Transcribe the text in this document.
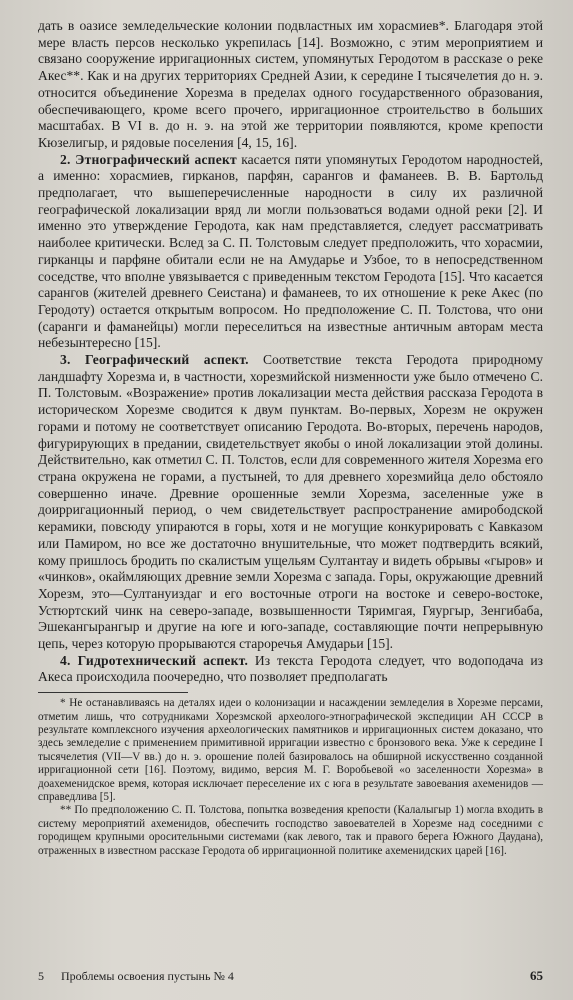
дать в оазисе земледельческие колонии подвластных им хорасмиев*. Благодаря этой мере власть персов несколько укрепилась [14]. Возможно, с этим мероприятием и связано сооружение ирригационных систем, упомянутых Геродотом в рассказе о реке Акес**. Как и на других территориях Средней Азии, к середине I тысячелетия до н. э. относится объединение Хорезма в пределах одного государственного образования, обеспечивающего, кроме всего прочего, ирригационное строительство в больших масштабах. В VI в. до н. э. на этой же территории появляются, кроме крепости Кюзелигыр, и рядовые поселения [4, 15, 16].

2. Этнографический аспект касается пяти упомянутых Геродотом народностей, а именно: хорасмиев, гирканов, парфян, сарангов и фаманеев. В. В. Бартольд предполагает, что вышеперечисленные народности в силу их различной географической локализации вряд ли могли пользоваться водами одной реки [2]. И именно это утверждение Геродота, как нам представляется, следует рассматривать наиболее критически. Вслед за С. П. Толстовым следует предположить, что хорасмии, гирканцы и парфяне обитали если не на Амударье и Узбое, то в непосредственном соседстве, что вполне увязывается с приведенным текстом Геродота [15]. Что касается сарангов (жителей древнего Сеистана) и фаманеев, то их отношение к реке Акес (по Геродоту) остается открытым вопросом. Но предположение С. П. Толстова, что они (саранги и фаманейцы) могли переселиться на известные античным авторам места небезынтересно [15].

3. Географический аспект. Соответствие текста Геродота природному ландшафту Хорезма и, в частности, хорезмийской низменности уже было отмечено С. П. Толстовым. «Возражение» против локализации места действия рассказа Геродота в историческом Хорезме сводится к двум пунктам. Во-первых, Хорезм не окружен горами и потому не соответствует описанию Геродота. Во-вторых, перечень народов, фигурирующих в предании, свидетельствует якобы о иной локализации этой долины. Действительно, как отметил С. П. Толстов, если для современного жителя Хорезма его страна окружена не горами, а пустыней, то для древнего хорезмийца дело обстояло совершенно иначе. Древние орошенные земли Хорезма, заселенные уже в доирригационный период, о чем свидетельствует распространение амирободской керамики, повсюду упираются в горы, хотя и не могущие конкурировать с Кавказом или Памиром, но все же достаточно внушительные, что может подтвердить всякий, кому пришлось бродить по скалистым ущельям Султантау и видеть обрывы «гыров» и «чинков», окаймляющих древние земли Хорезма с запада. Горы, окружающие древний Хорезм, это—Султануиздаг и его восточные отроги на востоке и северо-востоке, Устюртский чинк на северо-западе, возвышенности Тяримгая, Гяургыр, Зенгибаба, Эшекангырангыр и другие на юге и юго-западе, составляющие почти непрерывную цепь, через которую прорываются староречья Амударьи [15].

4. Гидротехнический аспект. Из текста Геродота следует, что водоподача из Акеса происходила поочередно, что позволяет предполагать

* Не останавливаясь на деталях идеи о колонизации и насаждении земледелия в Хорезме персами, отметим лишь, что сотрудниками Хорезмской археолого-этнографической экспедиции АН СССР в результате комплексного изучения археологических памятников и ирригационных систем доказано, что здесь земледелие с применением примитивной ирригации известно с бронзового века. Уже к середине I тысячелетия (VII—V вв.) до н. э. орошение полей базировалось на обширной искусственно созданной ирригационной сети [16]. Поэтому, видимо, версия М. Г. Воробьевой «о заселенности Хорезма» в доахеменидское время, которая исключает переселение их с юга в результате завоевания ахеменидов — справедлива [5].

** По предположению С. П. Толстова, попытка возведения крепости (Калалыгыр 1) могла входить в систему мероприятий ахеменидов, обеспечить господство завоевателей в Хорезме над соседними с городищем крупными оросительными системами (как левого, так и правого берега Южного Даудана), отраженных в известном рассказе Геродота об ирригационной политике ахеменидских царей [16].

5 Проблемы освоения пустынь № 4	65
